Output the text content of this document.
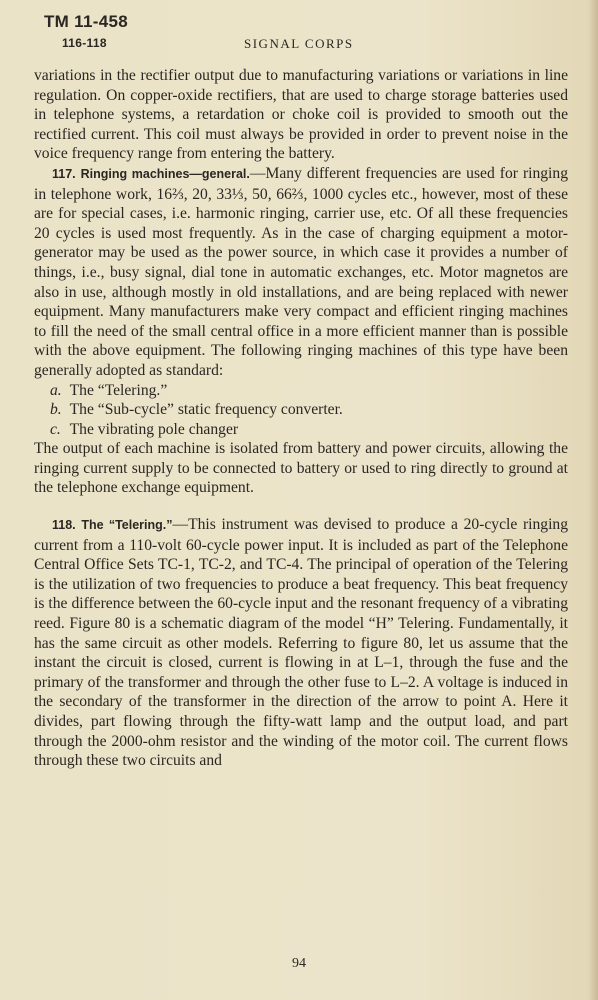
TM 11-458
116-118	SIGNAL CORPS

variations in the rectifier output due to manufacturing variations or variations in line regulation. On copper-oxide rectifiers, that are used to charge storage batteries used in telephone systems, a retardation or choke coil is provided to smooth out the rectified current. This coil must always be provided in order to prevent noise in the voice frequency range from entering the battery.

117. Ringing machines—general.—Many different frequencies are used for ringing in telephone work, 16⅔, 20, 33⅓, 50, 66⅔, 1000 cycles etc., however, most of these are for special cases, i.e. harmonic ringing, carrier use, etc. Of all these frequencies 20 cycles is used most frequently. As in the case of charging equipment a motor-generator may be used as the power source, in which case it provides a number of things, i.e., busy signal, dial tone in automatic exchanges, etc. Motor magnetos are also in use, although mostly in old installations, and are being replaced with newer equipment. Many manufacturers make very compact and efficient ringing machines to fill the need of the small central office in a more efficient manner than is possible with the above equipment. The following ringing machines of this type have been generally adopted as standard:

a. The “Telering.”

b. The “Sub-cycle” static frequency converter.

c. The vibrating pole changer

The output of each machine is isolated from battery and power circuits, allowing the ringing current supply to be connected to battery or used to ring directly to ground at the telephone exchange equipment.

118. The “Telering.”—This instrument was devised to produce a 20-cycle ringing current from a 110-volt 60-cycle power input. It is included as part of the Telephone Central Office Sets TC-1, TC-2, and TC-4. The principal of operation of the Telering is the utilization of two frequencies to produce a beat frequency. This beat frequency is the difference between the 60-cycle input and the resonant frequency of a vibrating reed. Figure 80 is a schematic diagram of the model “H” Telering. Fundamentally, it has the same circuit as other models. Referring to figure 80, let us assume that the instant the circuit is closed, current is flowing in at L–1, through the fuse and the primary of the transformer and through the other fuse to L–2. A voltage is induced in the secondary of the transformer in the direction of the arrow to point A. Here it divides, part flowing through the fifty-watt lamp and the output load, and part through the 2000-ohm resistor and the winding of the motor coil. The current flows through these two circuits and

94
